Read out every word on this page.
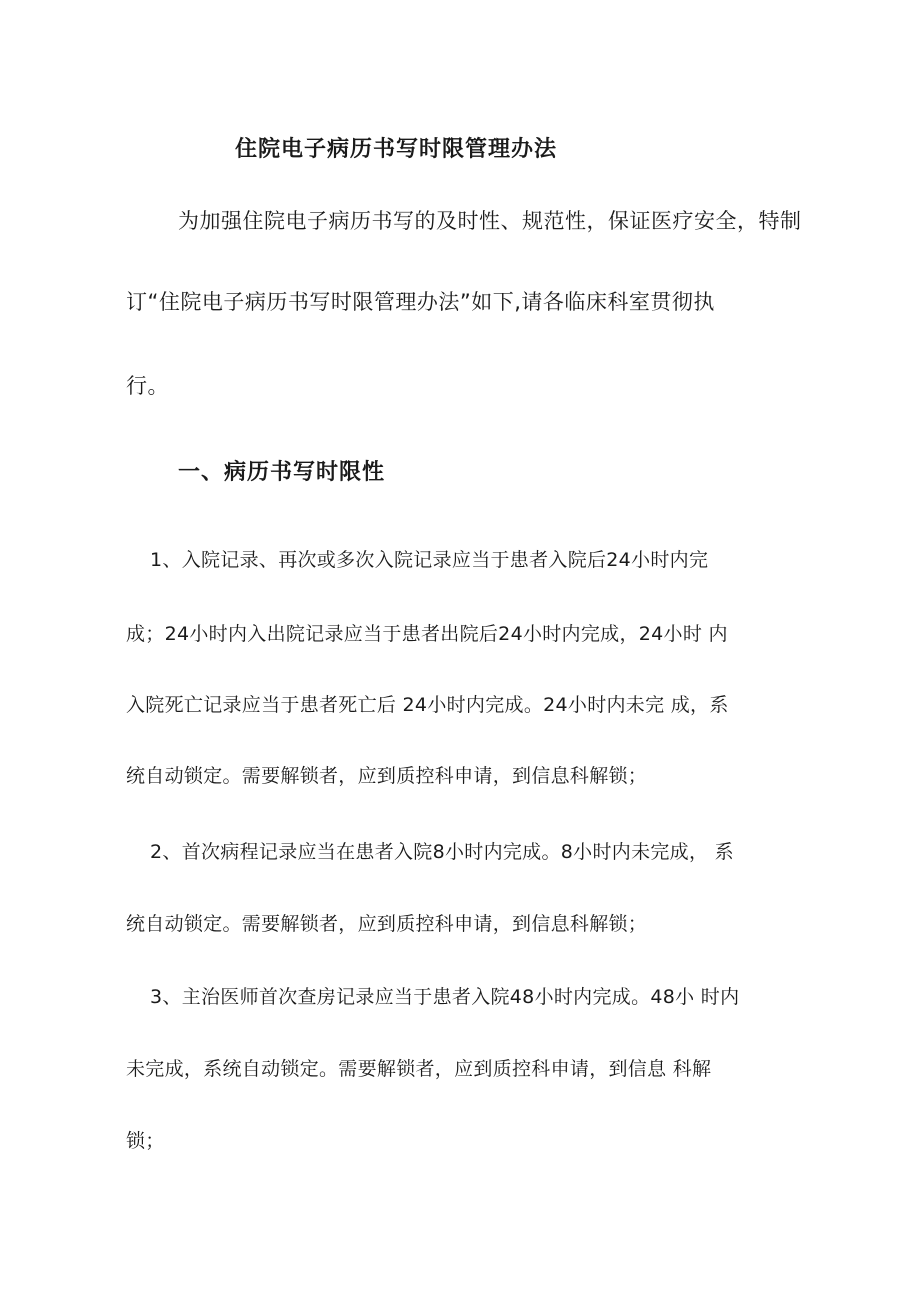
住院电子病历书写时限管理办法
为加强住院电子病历书写的及时性、规范性，保证医疗安全，特制
订“住院电子病历书写时限管理办法”如下,请各临床科室贯彻执
行。
一、病历书写时限性
1、入院记录、再次或多次入院记录应当于患者入院后24小时内完
成；24小时内入出院记录应当于患者出院后24小时内完成，24小时 内
入院死亡记录应当于患者死亡后 24小时内完成。24小时内未完 成，系
统自动锁定。需要解锁者，应到质控科申请，到信息科解锁；
2、首次病程记录应当在患者入院8小时内完成。8小时内未完成， 系
统自动锁定。需要解锁者，应到质控科申请，到信息科解锁；
3、主治医师首次查房记录应当于患者入院48小时内完成。48小 时内
未完成，系统自动锁定。需要解锁者，应到质控科申请，到信息 科解
锁；
